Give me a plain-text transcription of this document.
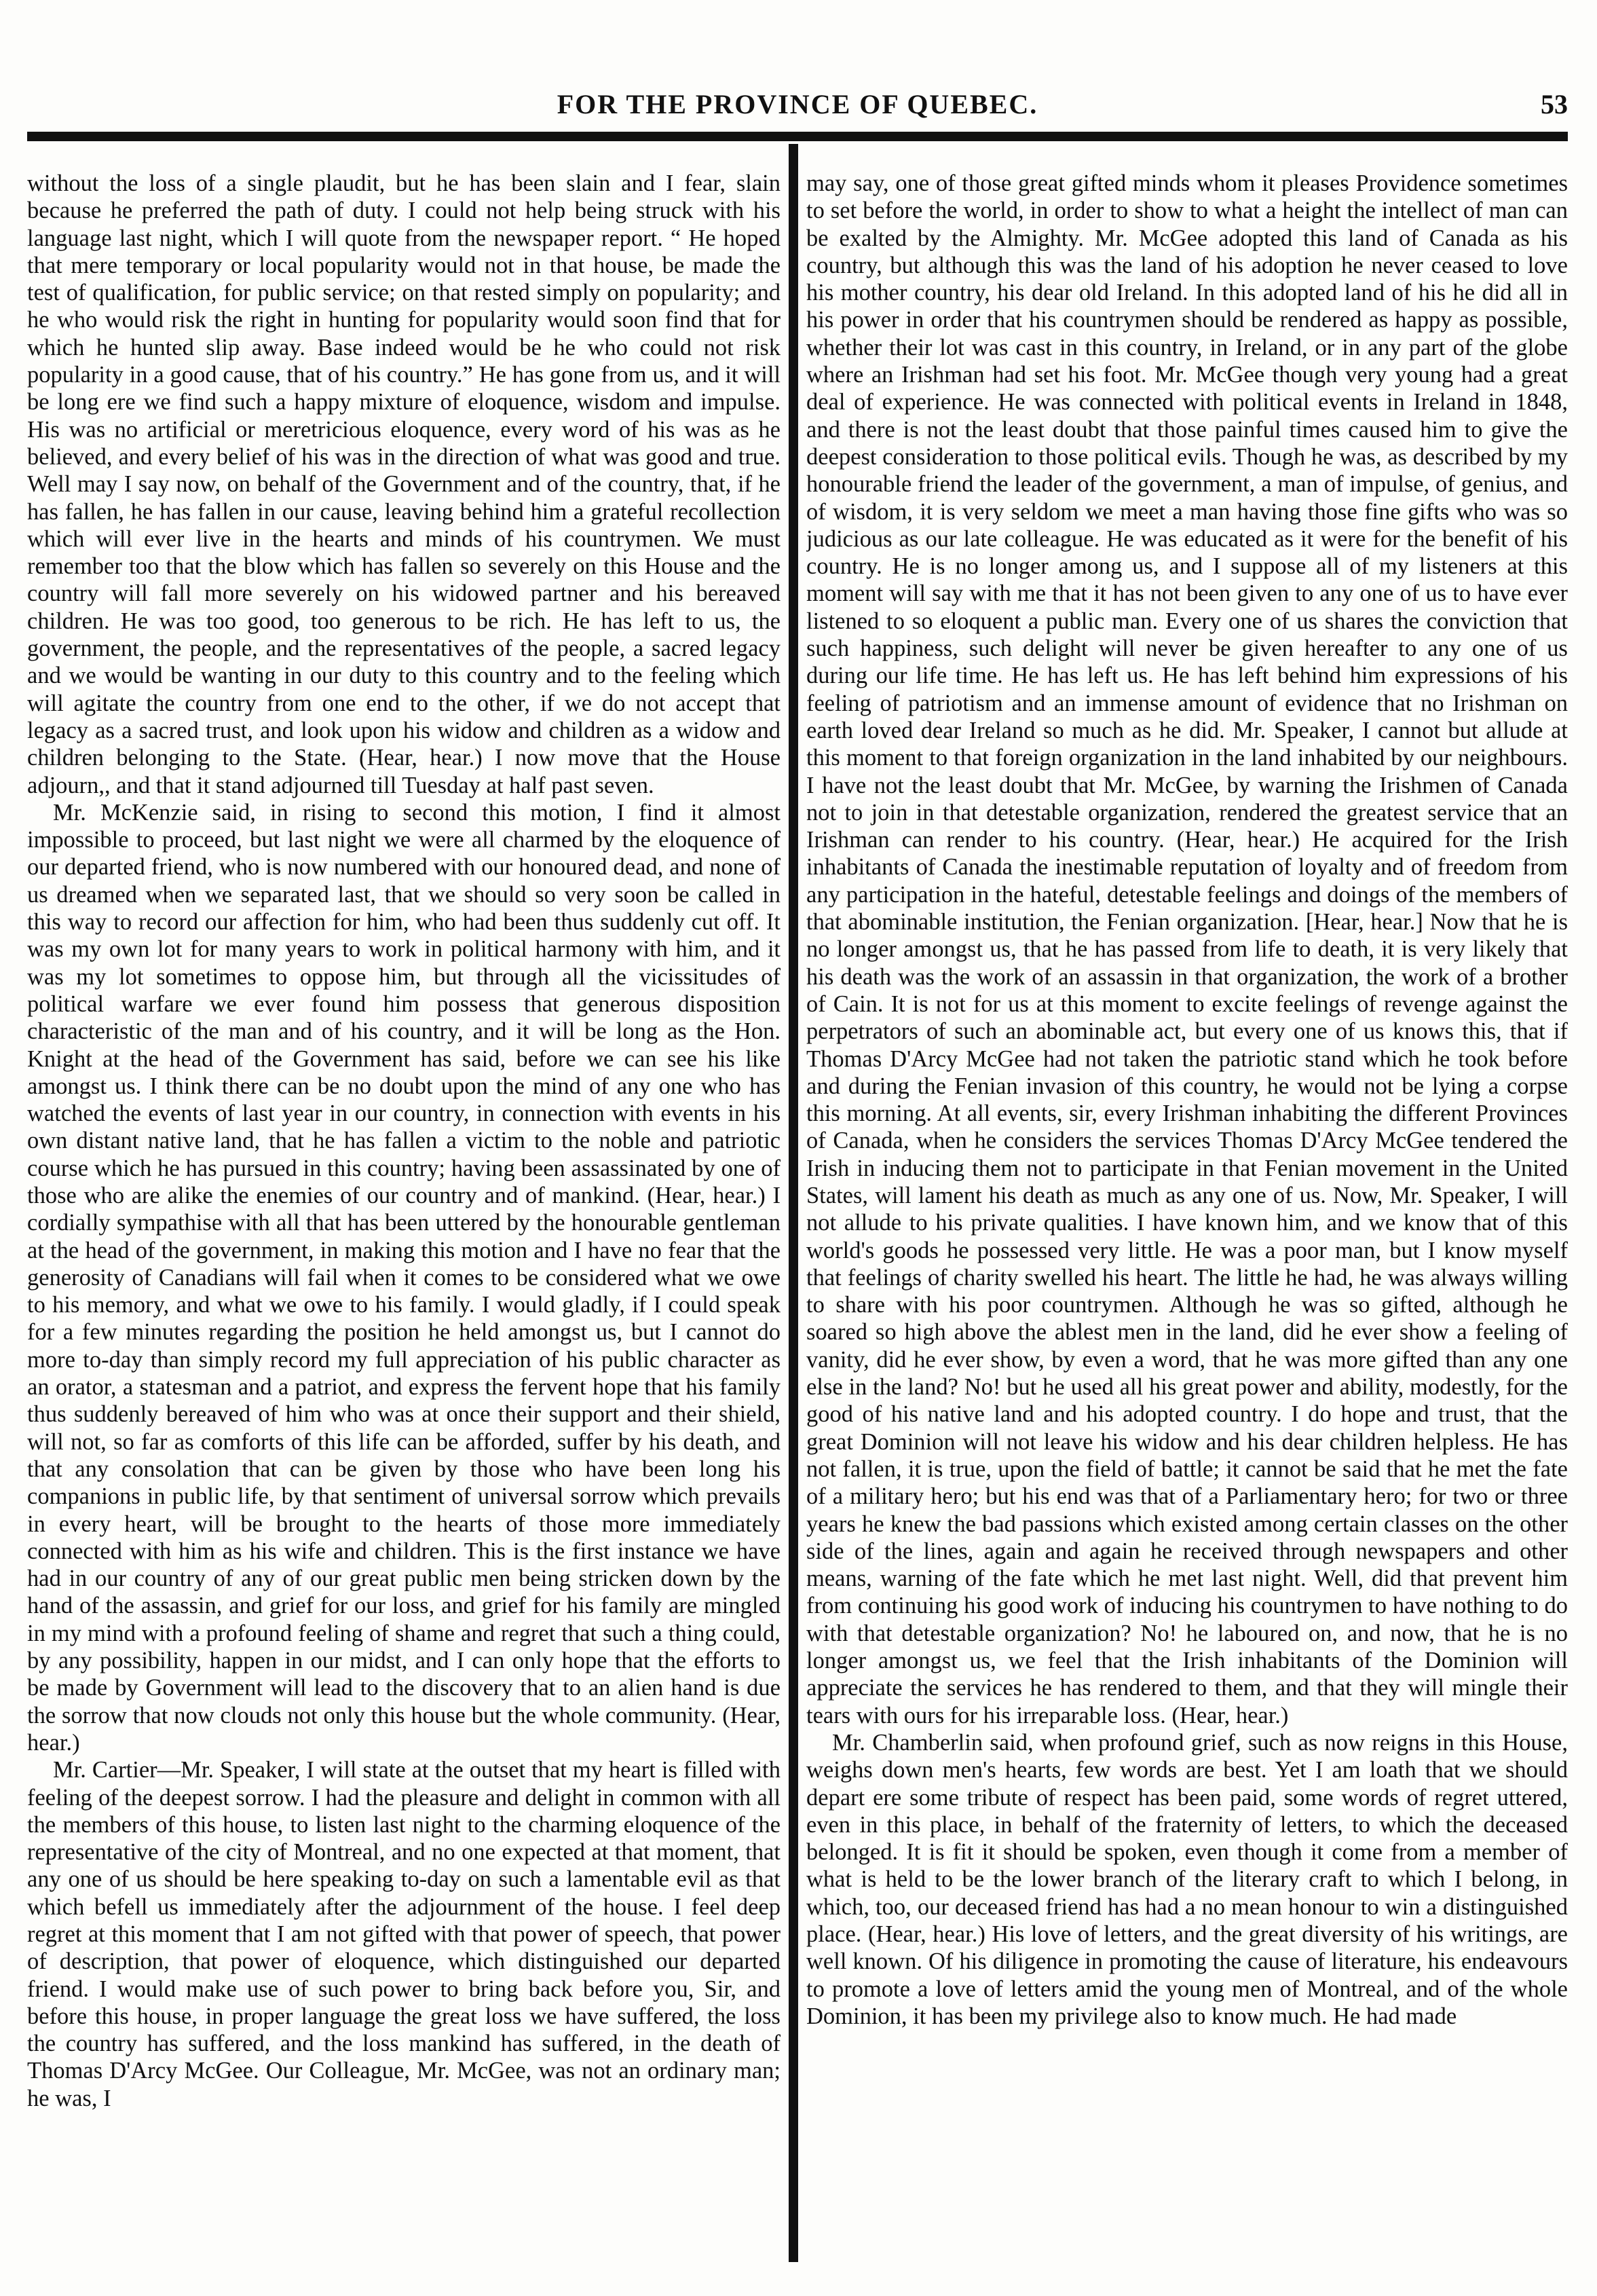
FOR THE PROVINCE OF QUEBEC.	53

without the loss of a single plaudit, but he has been slain and I fear, slain because he preferred the path of duty. I could not help being struck with his language last night, which I will quote from the newspaper report. “ He hoped that mere temporary or local popularity would not in that house, be made the test of qualification, for public service; on that rested simply on popularity; and he who would risk the right in hunting for popularity would soon find that for which he hunted slip away. Base indeed would be he who could not risk popularity in a good cause, that of his country.” He has gone from us, and it will be long ere we find such a happy mixture of eloquence, wisdom and impulse. His was no artificial or meretricious eloquence, every word of his was as he believed, and every belief of his was in the direction of what was good and true. Well may I say now, on behalf of the Government and of the country, that, if he has fallen, he has fallen in our cause, leaving behind him a grateful recollection which will ever live in the hearts and minds of his countrymen. We must remember too that the blow which has fallen so severely on this House and the country will fall more severely on his widowed partner and his bereaved children. He was too good, too generous to be rich. He has left to us, the government, the people, and the representatives of the people, a sacred legacy and we would be wanting in our duty to this country and to the feeling which will agitate the country from one end to the other, if we do not accept that legacy as a sacred trust, and look upon his widow and children as a widow and children belonging to the State. (Hear, hear.) I now move that the House adjourn,, and that it stand adjourned till Tuesday at half past seven.

Mr. McKenzie said, in rising to second this motion, I find it almost impossible to proceed, but last night we were all charmed by the eloquence of our departed friend, who is now numbered with our honoured dead, and none of us dreamed when we separated last, that we should so very soon be called in this way to record our affection for him, who had been thus suddenly cut off. It was my own lot for many years to work in political harmony with him, and it was my lot sometimes to oppose him, but through all the vicissitudes of political warfare we ever found him possess that generous disposition characteristic of the man and of his country, and it will be long as the Hon. Knight at the head of the Government has said, before we can see his like amongst us. I think there can be no doubt upon the mind of any one who has watched the events of last year in our country, in connection with events in his own distant native land, that he has fallen a victim to the noble and patriotic course which he has pursued in this country; having been assassinated by one of those who are alike the enemies of our country and of mankind. (Hear, hear.) I cordially sympathise with all that has been uttered by the honourable gentleman at the head of the government, in making this motion and I have no fear that the generosity of Canadians will fail when it comes to be considered what we owe to his memory, and what we owe to his family. I would gladly, if I could speak for a few minutes regarding the position he held amongst us, but I cannot do more to-day than simply record my full appreciation of his public character as an orator, a statesman and a patriot, and express the fervent hope that his family thus suddenly bereaved of him who was at once their support and their shield, will not, so far as comforts of this life can be afforded, suffer by his death, and that any consolation that can be given by those who have been long his companions in public life, by that sentiment of universal sorrow which prevails in every heart, will be brought to the hearts of those more immediately connected with him as his wife and children. This is the first instance we have had in our country of any of our great public men being stricken down by the hand of the assassin, and grief for our loss, and grief for his family are mingled in my mind with a profound feeling of shame and regret that such a thing could, by any possibility, happen in our midst, and I can only hope that the efforts to be made by Government will lead to the discovery that to an alien hand is due the sorrow that now clouds not only this house but the whole community. (Hear, hear.)

Mr. Cartier—Mr. Speaker, I will state at the outset that my heart is filled with feeling of the deepest sorrow. I had the pleasure and delight in common with all the members of this house, to listen last night to the charming eloquence of the representative of the city of Montreal, and no one expected at that moment, that any one of us should be here speaking to-day on such a lamentable evil as that which befell us immediately after the adjournment of the house. I feel deep regret at this moment that I am not gifted with that power of speech, that power of description, that power of eloquence, which distinguished our departed friend. I would make use of such power to bring back before you, Sir, and before this house, in proper language the great loss we have suffered, the loss the country has suffered, and the loss mankind has suffered, in the death of Thomas D'Arcy McGee. Our Colleague, Mr. McGee, was not an ordinary man; he was, I

may say, one of those great gifted minds whom it pleases Providence sometimes to set before the world, in order to show to what a height the intellect of man can be exalted by the Almighty. Mr. McGee adopted this land of Canada as his country, but although this was the land of his adoption he never ceased to love his mother country, his dear old Ireland. In this adopted land of his he did all in his power in order that his countrymen should be rendered as happy as possible, whether their lot was cast in this country, in Ireland, or in any part of the globe where an Irishman had set his foot. Mr. McGee though very young had a great deal of experience. He was connected with political events in Ireland in 1848, and there is not the least doubt that those painful times caused him to give the deepest consideration to those political evils. Though he was, as described by my honourable friend the leader of the government, a man of impulse, of genius, and of wisdom, it is very seldom we meet a man having those fine gifts who was so judicious as our late colleague. He was educated as it were for the benefit of his country. He is no longer among us, and I suppose all of my listeners at this moment will say with me that it has not been given to any one of us to have ever listened to so eloquent a public man. Every one of us shares the conviction that such happiness, such delight will never be given hereafter to any one of us during our life time. He has left us. He has left behind him expressions of his feeling of patriotism and an immense amount of evidence that no Irishman on earth loved dear Ireland so much as he did. Mr. Speaker, I cannot but allude at this moment to that foreign organization in the land inhabited by our neighbours. I have not the least doubt that Mr. McGee, by warning the Irishmen of Canada not to join in that detestable organization, rendered the greatest service that an Irishman can render to his country. (Hear, hear.) He acquired for the Irish inhabitants of Canada the inestimable reputation of loyalty and of freedom from any participation in the hateful, detestable feelings and doings of the members of that abominable institution, the Fenian organization. [Hear, hear.] Now that he is no longer amongst us, that he has passed from life to death, it is very likely that his death was the work of an assassin in that organization, the work of a brother of Cain. It is not for us at this moment to excite feelings of revenge against the perpetrators of such an abominable act, but every one of us knows this, that if Thomas D'Arcy McGee had not taken the patriotic stand which he took before and during the Fenian invasion of this country, he would not be lying a corpse this morning. At all events, sir, every Irishman inhabiting the different Provinces of Canada, when he considers the services Thomas D'Arcy McGee tendered the Irish in inducing them not to participate in that Fenian movement in the United States, will lament his death as much as any one of us. Now, Mr. Speaker, I will not allude to his private qualities. I have known him, and we know that of this world's goods he possessed very little. He was a poor man, but I know myself that feelings of charity swelled his heart. The little he had, he was always willing to share with his poor countrymen. Although he was so gifted, although he soared so high above the ablest men in the land, did he ever show a feeling of vanity, did he ever show, by even a word, that he was more gifted than any one else in the land? No! but he used all his great power and ability, modestly, for the good of his native land and his adopted country. I do hope and trust, that the great Dominion will not leave his widow and his dear children helpless. He has not fallen, it is true, upon the field of battle; it cannot be said that he met the fate of a military hero; but his end was that of a Parliamentary hero; for two or three years he knew the bad passions which existed among certain classes on the other side of the lines, again and again he received through newspapers and other means, warning of the fate which he met last night. Well, did that prevent him from continuing his good work of inducing his countrymen to have nothing to do with that detestable organization? No! he laboured on, and now, that he is no longer amongst us, we feel that the Irish inhabitants of the Dominion will appreciate the services he has rendered to them, and that they will mingle their tears with ours for his irreparable loss. (Hear, hear.)

Mr. Chamberlin said, when profound grief, such as now reigns in this House, weighs down men's hearts, few words are best. Yet I am loath that we should depart ere some tribute of respect has been paid, some words of regret uttered, even in this place, in behalf of the fraternity of letters, to which the deceased belonged. It is fit it should be spoken, even though it come from a member of what is held to be the lower branch of the literary craft to which I belong, in which, too, our deceased friend has had a no mean honour to win a distinguished place. (Hear, hear.) His love of letters, and the great diversity of his writings, are well known. Of his diligence in promoting the cause of literature, his endeavours to promote a love of letters amid the young men of Montreal, and of the whole Dominion, it has been my privilege also to know much. He had made
